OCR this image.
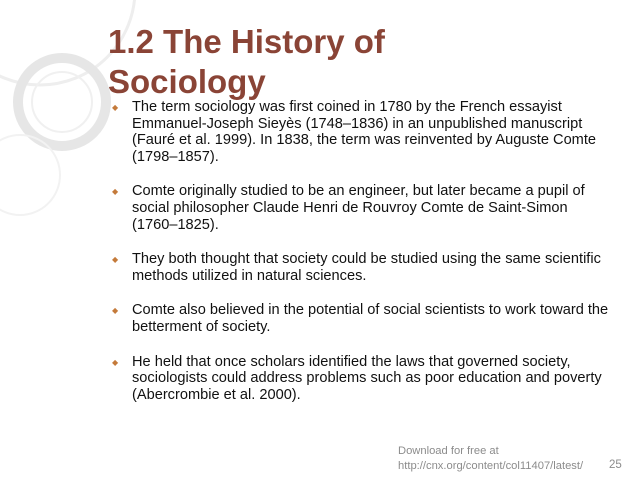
1.2 The History of
Sociology
◆ The term sociology was first coined in 1780 by the French essayist Emmanuel-Joseph Sieyès (1748–1836) in an unpublished manuscript (Fauré et al. 1999). In 1838, the term was reinvented by Auguste Comte (1798–1857).
◆ Comte originally studied to be an engineer, but later became a pupil of social philosopher Claude Henri de Rouvroy Comte de Saint-Simon (1760–1825).
◆ They both thought that society could be studied using the same scientific methods utilized in natural sciences.
◆ Comte also believed in the potential of social scientists to work toward the betterment of society.
◆ He held that once scholars identified the laws that governed society, sociologists could address problems such as poor education and poverty (Abercrombie et al. 2000).
Download for free at
http://cnx.org/content/col11407/latest/ 25
